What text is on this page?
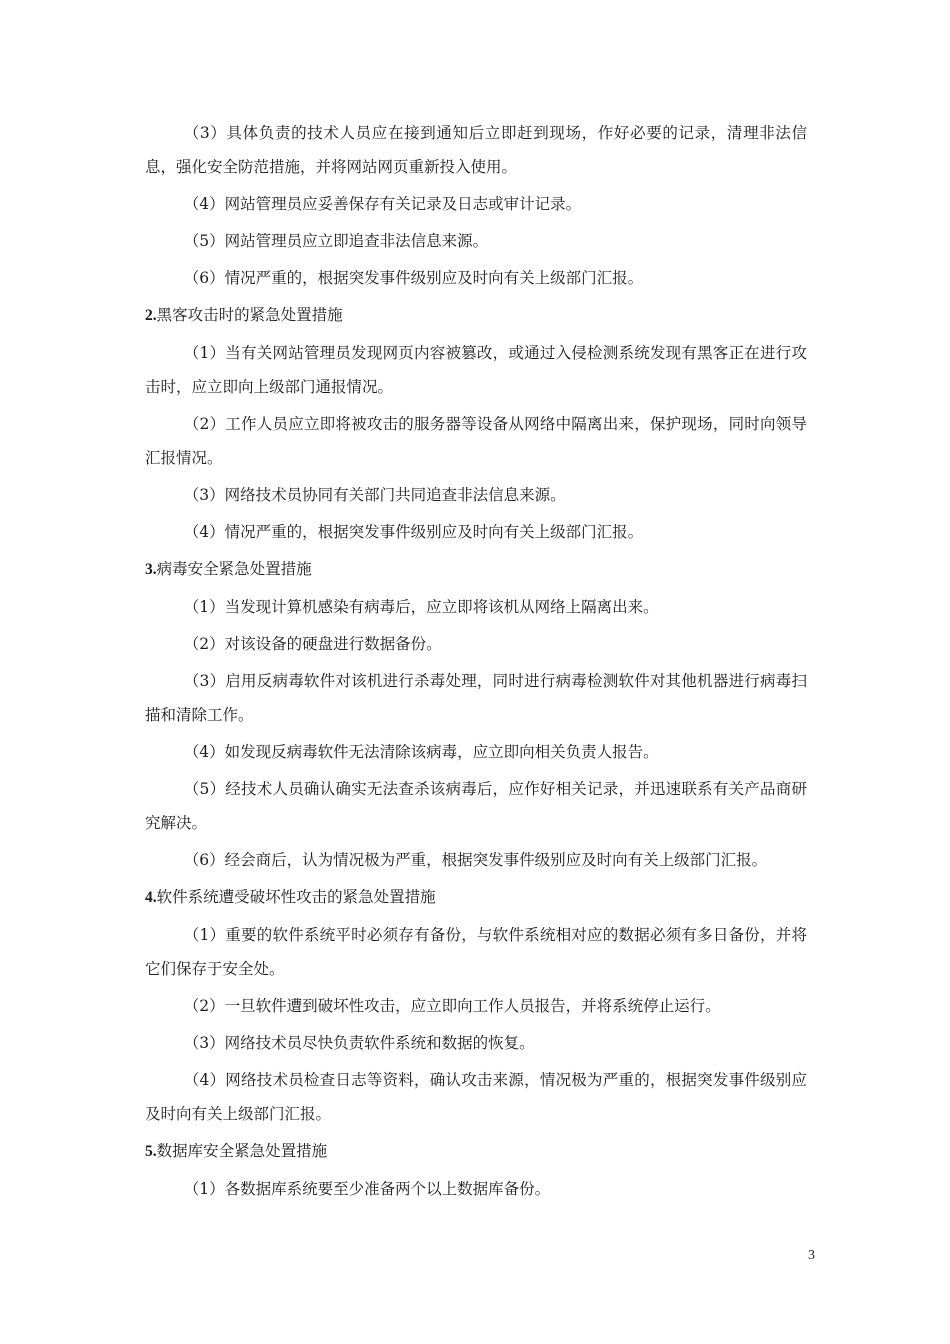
（3）具体负责的技术人员应在接到通知后立即赶到现场，作好必要的记录，清理非法信息，强化安全防范措施，并将网站网页重新投入使用。

（4）网站管理员应妥善保存有关记录及日志或审计记录。

（5）网站管理员应立即追查非法信息来源。

（6）情况严重的，根据突发事件级别应及时向有关上级部门汇报。

2.黑客攻击时的紧急处置措施

（1）当有关网站管理员发现网页内容被篡改，或通过入侵检测系统发现有黑客正在进行攻击时，应立即向上级部门通报情况。

（2）工作人员应立即将被攻击的服务器等设备从网络中隔离出来，保护现场，同时向领导汇报情况。

（3）网络技术员协同有关部门共同追查非法信息来源。

（4）情况严重的，根据突发事件级别应及时向有关上级部门汇报。

3.病毒安全紧急处置措施

（1）当发现计算机感染有病毒后，应立即将该机从网络上隔离出来。

（2）对该设备的硬盘进行数据备份。

（3）启用反病毒软件对该机进行杀毒处理，同时进行病毒检测软件对其他机器进行病毒扫描和清除工作。

（4）如发现反病毒软件无法清除该病毒，应立即向相关负责人报告。

（5）经技术人员确认确实无法查杀该病毒后，应作好相关记录，并迅速联系有关产品商研究解决。

（6）经会商后，认为情况极为严重，根据突发事件级别应及时向有关上级部门汇报。

4.软件系统遭受破坏性攻击的紧急处置措施

（1）重要的软件系统平时必须存有备份，与软件系统相对应的数据必须有多日备份，并将它们保存于安全处。

（2）一旦软件遭到破坏性攻击，应立即向工作人员报告，并将系统停止运行。

（3）网络技术员尽快负责软件系统和数据的恢复。

（4）网络技术员检查日志等资料，确认攻击来源，情况极为严重的，根据突发事件级别应及时向有关上级部门汇报。

5.数据库安全紧急处置措施

（1）各数据库系统要至少准备两个以上数据库备份。

3
